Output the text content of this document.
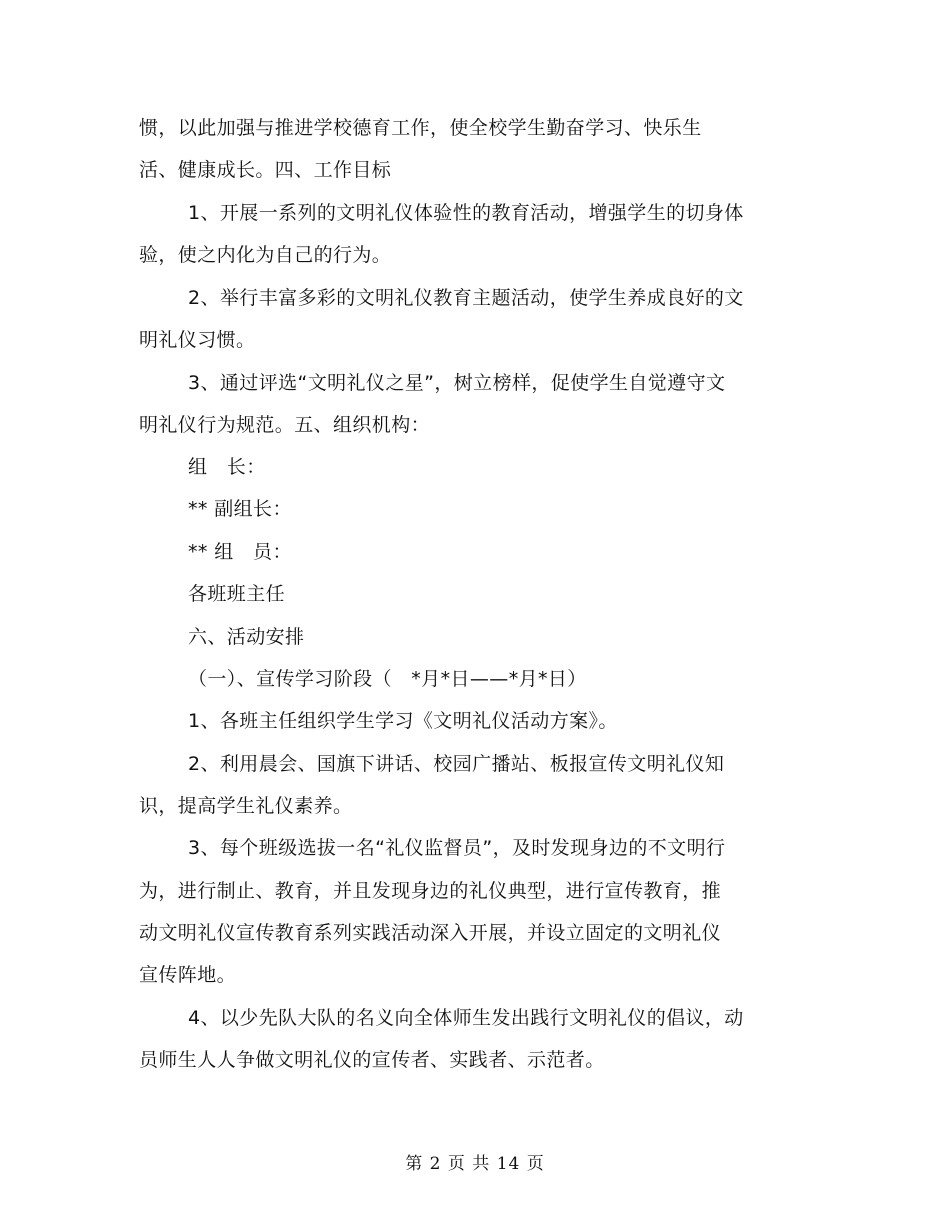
惯，以此加强与推进学校德育工作，使全校学生勤奋学习、快乐生
活、健康成长。四、工作目标
1、开展一系列的文明礼仪体验性的教育活动，增强学生的切身体
验，使之内化为自己的行为。
2、举行丰富多彩的文明礼仪教育主题活动，使学生养成良好的文
明礼仪习惯。
3、通过评选“文明礼仪之星”，树立榜样，促使学生自觉遵守文
明礼仪行为规范。五、组织机构：
组　长：
** 副组长：
** 组　员：
各班班主任
六、活动安排
（一）、宣传学习阶段（　*月*日——*月*日）
1、各班主任组织学生学习《文明礼仪活动方案》。
2、利用晨会、国旗下讲话、校园广播站、板报宣传文明礼仪知
识，提高学生礼仪素养。
3、每个班级选拔一名“礼仪监督员”，及时发现身边的不文明行
为，进行制止、教育，并且发现身边的礼仪典型，进行宣传教育，推
动文明礼仪宣传教育系列实践活动深入开展，并设立固定的文明礼仪
宣传阵地。
4、以少先队大队的名义向全体师生发出践行文明礼仪的倡议，动
员师生人人争做文明礼仪的宣传者、实践者、示范者。
第 2 页 共 14 页
